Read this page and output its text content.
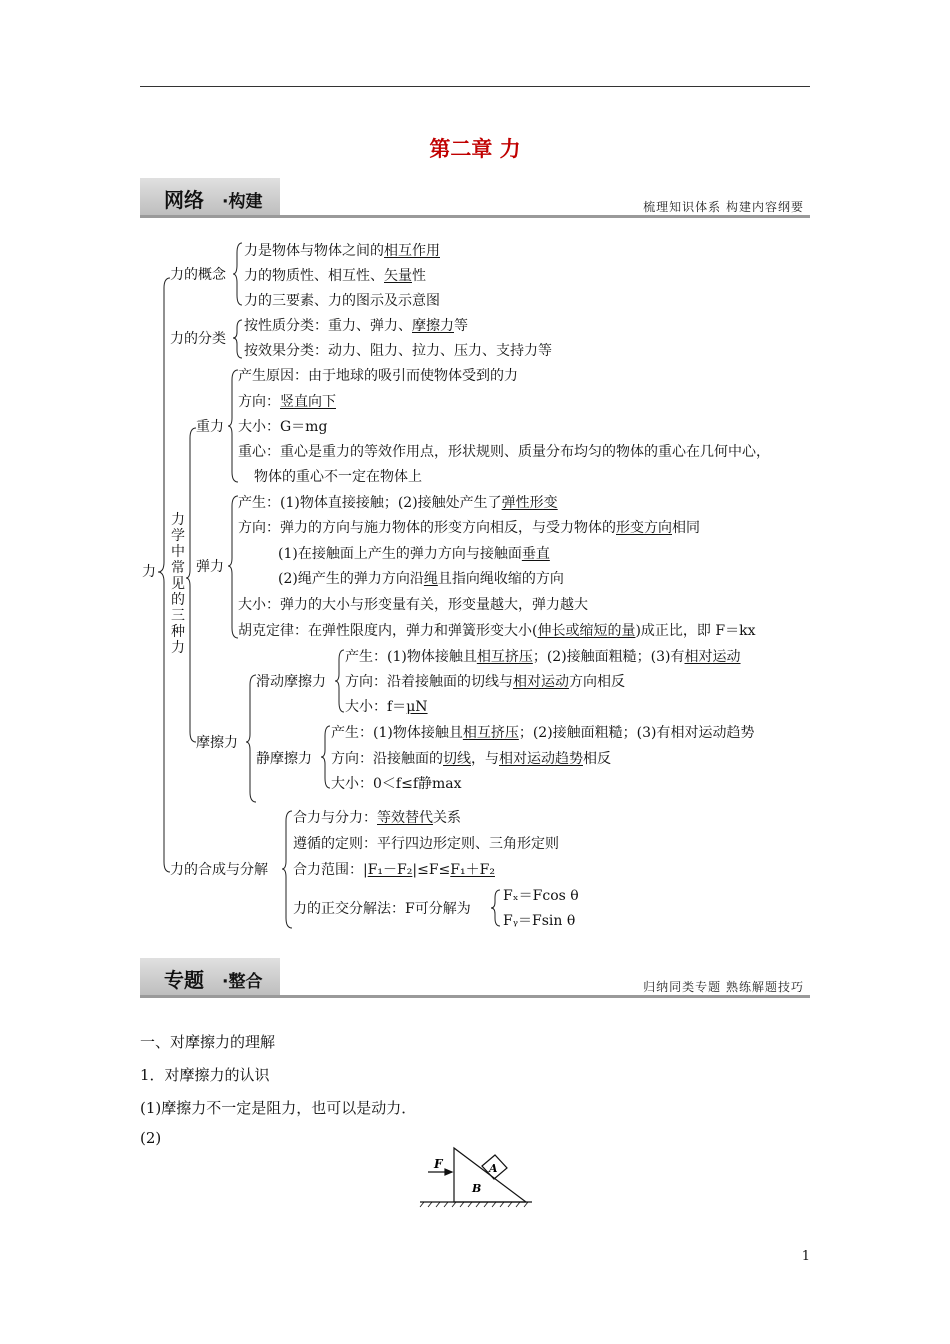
第二章 力
网络 ·构建	梳理知识体系 构建内容纲要
力
力的概念
力是物体与物体之间的相互作用
力的物质性、相互性、矢量性
力的三要素、力的图示及示意图
力的分类
按性质分类：重力、弹力、摩擦力等
按效果分类：动力、阻力、拉力、压力、支持力等
力学中常见的三种力
重力
产生原因：由于地球的吸引而使物体受到的力
方向：竖直向下
大小：G＝mg
重心：重心是重力的等效作用点，形状规则、质量分布均匀的物体的重心在几何中心，
物体的重心不一定在物体上
弹力
产生：(1)物体直接接触；(2)接触处产生了弹性形变
方向：弹力的方向与施力物体的形变方向相反，与受力物体的形变方向相同
(1)在接触面上产生的弹力方向与接触面垂直
(2)绳产生的弹力方向沿绳且指向绳收缩的方向
大小：弹力的大小与形变量有关，形变量越大，弹力越大
胡克定律：在弹性限度内，弹力和弹簧形变大小(伸长或缩短的量)成正比，即 F＝kx
摩擦力
滑动摩擦力
产生：(1)物体接触且相互挤压；(2)接触面粗糙；(3)有相对运动
方向：沿着接触面的切线与相对运动方向相反
大小：f＝μN
静摩擦力
产生：(1)物体接触且相互挤压；(2)接触面粗糙；(3)有相对运动趋势
方向：沿接触面的切线，与相对运动趋势相反
大小：0＜f≤f静max
力的合成与分解
合力与分力：等效替代关系
遵循的定则：平行四边形定则、三角形定则
合力范围：|F₁－F₂|≤F≤F₁＋F₂
力的正交分解法：F可分解为
Fₓ＝Fcos θ
Fᵧ＝Fsin θ
专题 ·整合	归纳同类专题 熟练解题技巧
一、对摩擦力的理解
1．对摩擦力的认识
(1)摩擦力不一定是阻力，也可以是动力．
(2)
F	A
B
1
